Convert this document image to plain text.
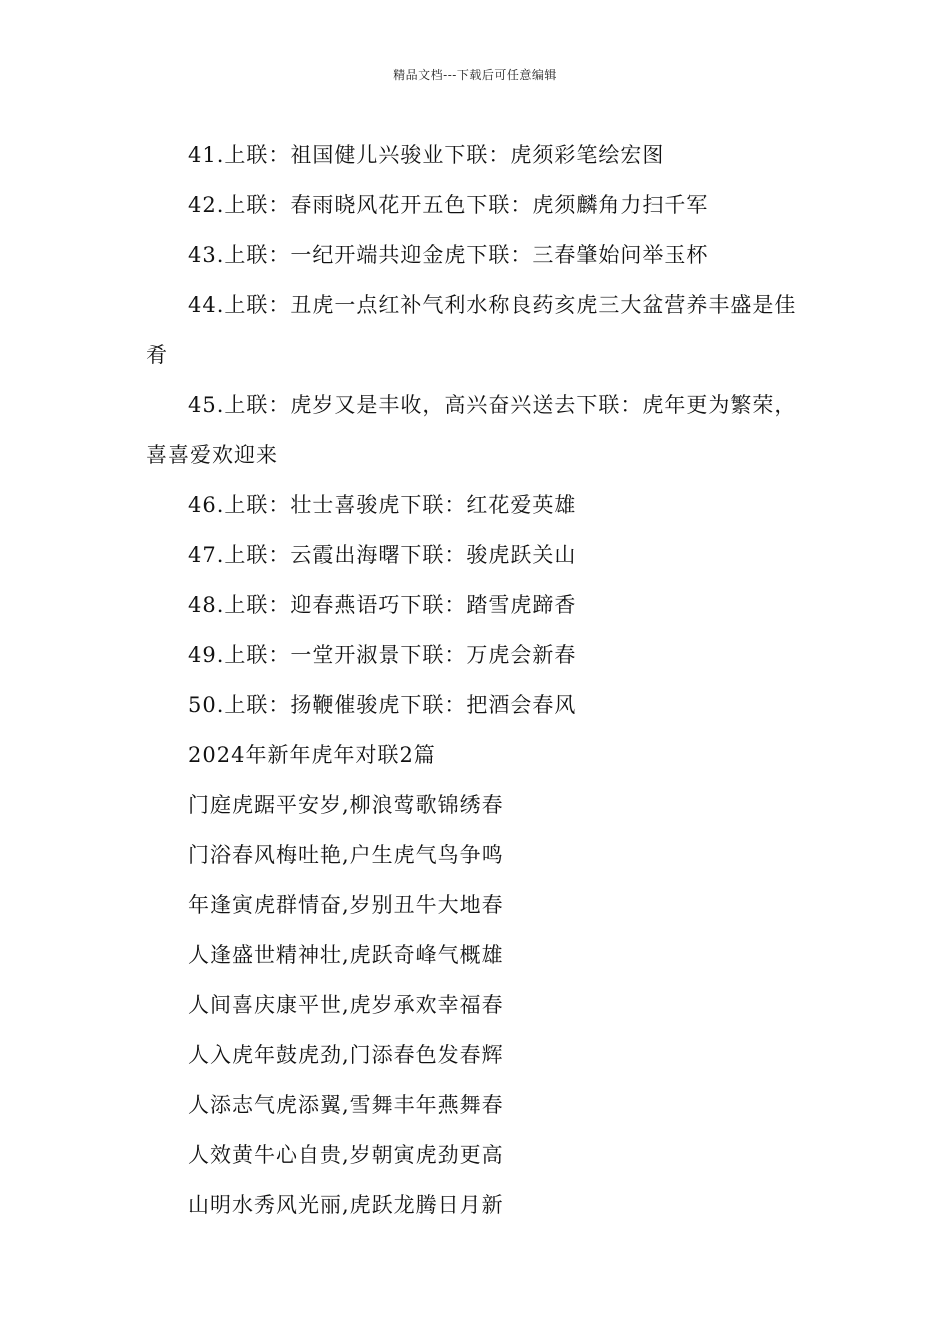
精品文档---下载后可任意编辑

41.上联：祖国健儿兴骏业下联：虎须彩笔绘宏图

42.上联：春雨晓风花开五色下联：虎须麟角力扫千军

43.上联：一纪开端共迎金虎下联：三春肇始问举玉杯

44.上联：丑虎一点红补气利水称良药亥虎三大盆营养丰盛是佳肴

45.上联：虎岁又是丰收，高兴奋兴送去下联：虎年更为繁荣，喜喜爱欢迎来

46.上联：壮士喜骏虎下联：红花爱英雄

47.上联：云霞出海曙下联：骏虎跃关山

48.上联：迎春燕语巧下联：踏雪虎蹄香

49.上联：一堂开淑景下联：万虎会新春

50.上联：扬鞭催骏虎下联：把酒会春风

2024年新年虎年对联2篇

门庭虎踞平安岁,柳浪莺歌锦绣春

门浴春风梅吐艳,户生虎气鸟争鸣

年逢寅虎群情奋,岁别丑牛大地春

人逢盛世精神壮,虎跃奇峰气概雄

人间喜庆康平世,虎岁承欢幸福春

人入虎年鼓虎劲,门添春色发春辉

人添志气虎添翼,雪舞丰年燕舞春

人效黄牛心自贵,岁朝寅虎劲更高

山明水秀风光丽,虎跃龙腾日月新
